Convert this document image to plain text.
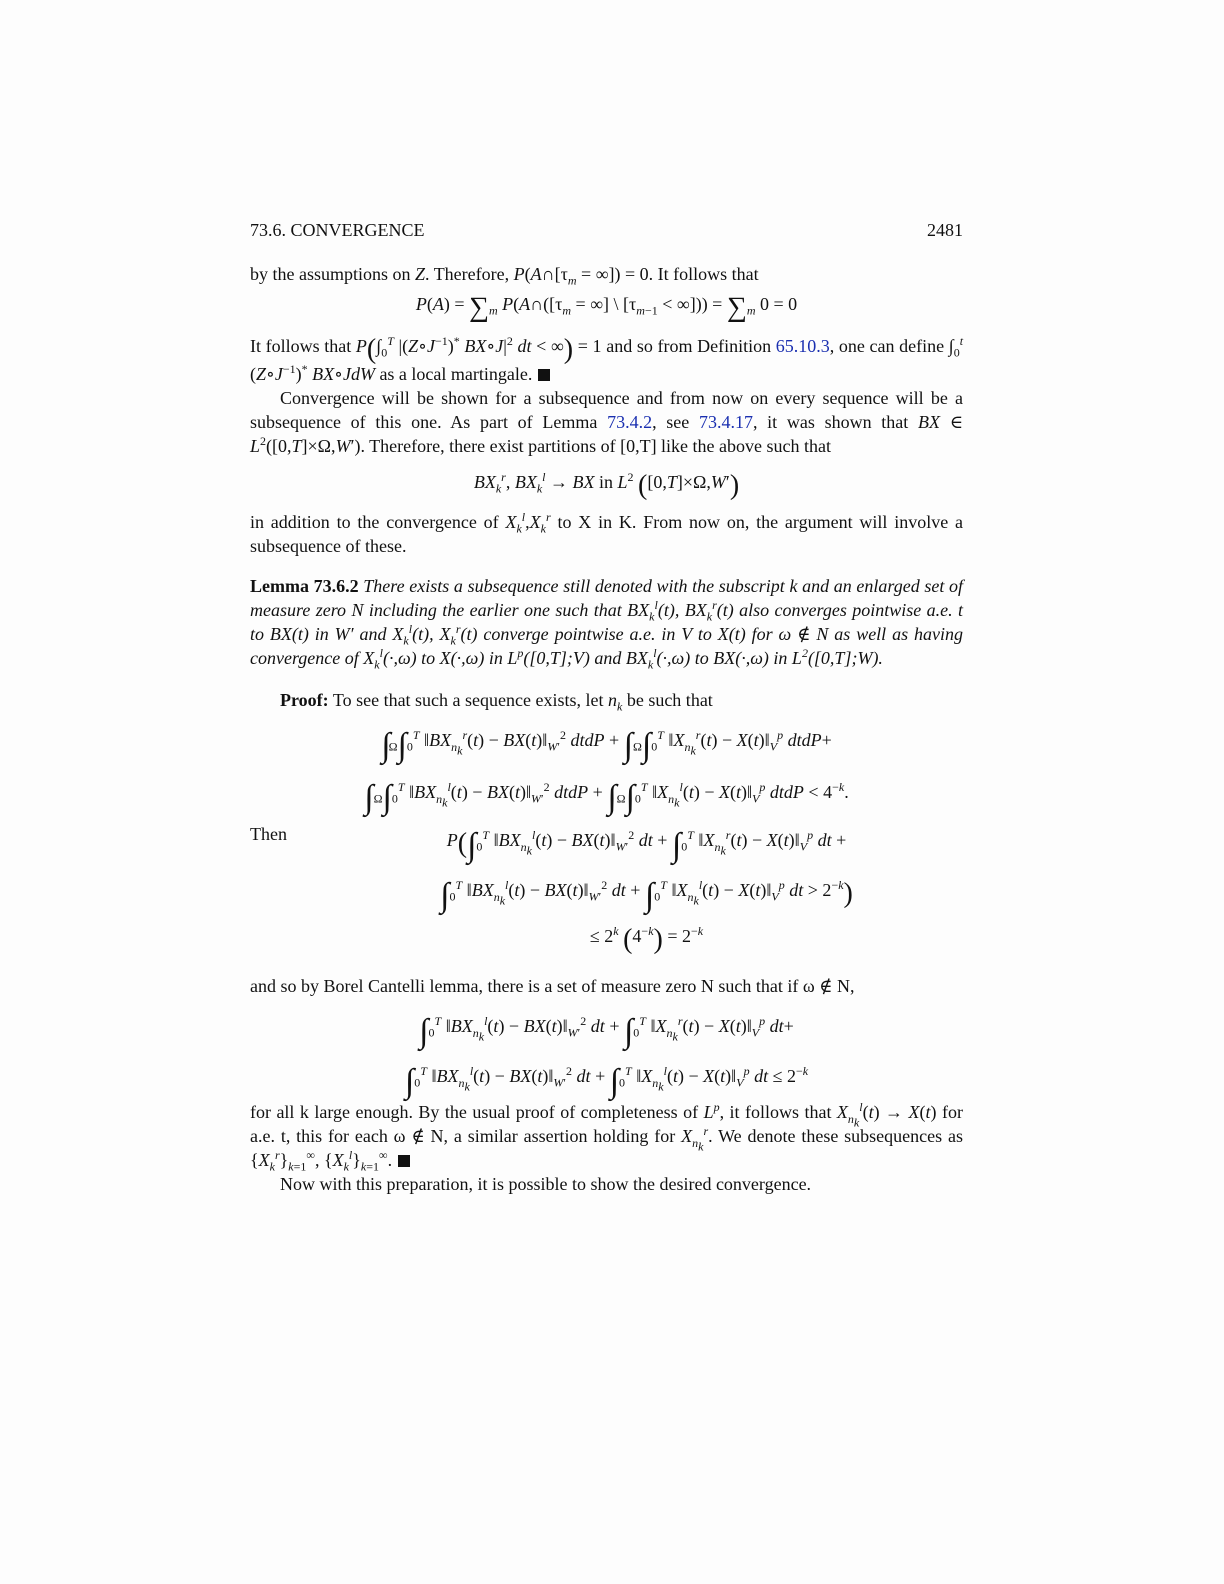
73.6. CONVERGENCE	2481

by the assumptions on Z. Therefore, $P(A\cap[\tau_m$ = ∞]) = 0. It follows that

$P(A) = \sum_m$ $P(A\cap([\tau_m$ = ∞] \ [$\tau_{m-1}$ < ∞])) = $\sum_m$ 0 = 0

It follows that $P(\int_0^T$ $|(Z\circ J^{-1})^*$ $BX\circ J|^2$ dt < ∞) = 1 and so from Definition 65.10.3, one can define $\int_0^t$ $(Z\circ J^{-1})^*$ BX∘JdW as a local martingale.

Convergence will be shown for a subsequence and from now on every sequence will be a subsequence of this one. As part of Lemma 73.4.2, see 73.4.17, it was shown that BX ∈ $L^2([0,T]\times\Omega,W')$. Therefore, there exist partitions of [0,T] like the above such that

$BX_k^r$, $BX_k^l$ → BX in $L^2$ ([0,T]×Ω,W′)

in addition to the convergence of $X_k^l,X_k^r$ to X in K. From now on, the argument will involve a subsequence of these.

Lemma 73.6.2 There exists a subsequence still denoted with the subscript k and an enlarged set of measure zero N including the earlier one such that $BX_k^l(t)$, $BX_k^r(t)$ also converges pointwise a.e. t to BX(t) in W′ and $X_k^l(t)$, $X_k^r(t)$ converge pointwise a.e. in V to X(t) for ω ∉ N as well as having convergence of $X_k^l(\cdot,\omega)$ to X(·,ω) in $L^p([0,T];V)$ and $BX_k^l(\cdot,\omega)$ to BX(·,ω) in $L^2([0,T];W)$.

Proof: To see that such a sequence exists, let $n_k$ be such that

$\int_\Omega\int_0^T$ $‖BX_{n_k}^r(t)$ − $BX(t)‖_{W'}^2$ dtdP + $\int_\Omega\int_0^T$ $‖X_{n_k}^r(t)$ − $X(t)‖_V^p$ dtdP+
$\int_\Omega\int_0^T$ $‖BX_{n_k}^l(t)$ − $BX(t)‖_{W'}^2$ dtdP + $\int_\Omega\int_0^T$ $‖X_{n_k}^l(t)$ − $X(t)‖_V^p$ dtdP < $4^{-k}$.
Then	$P(\int_0^T$ $‖BX_{n_k}^l(t)$ − $BX(t)‖_{W'}^2$ dt + $\int_0^T$ $‖X_{n_k}^r(t)$ − $X(t)‖_V^p$ dt +
$\int_0^T$ $‖BX_{n_k}^l(t)$ − $BX(t)‖_{W'}^2$ dt + $\int_0^T$ $‖X_{n_k}^l(t)$ − $X(t)‖_V^p$ dt > $2^{-k}$)
≤ $2^k$ $(4^{-k}) = 2^{-k}$

and so by Borel Cantelli lemma, there is a set of measure zero N such that if ω ∉ N,

$\int_0^T$ $‖BX_{n_k}^l(t)$ − $BX(t)‖_{W'}^2$ dt + $\int_0^T$ $‖X_{n_k}^r(t)$ − $X(t)‖_V^p$ dt+
$\int_0^T$ $‖BX_{n_k}^l(t)$ − $BX(t)‖_{W'}^2$ dt + $\int_0^T$ $‖X_{n_k}^l(t)$ − $X(t)‖_V^p$ dt ≤ $2^{-k}$

for all k large enough. By the usual proof of completeness of $L^p$, it follows that $X_{n_k}^l(t) \to X(t)$ for a.e. t, this for each ω ∉ N, a similar assertion holding for $X_{n_k}^r$. We denote these subsequences as $\{X_k^r\}_{k=1}^\infty$, $\{X_k^l\}_{k=1}^\infty$.

Now with this preparation, it is possible to show the desired convergence.
